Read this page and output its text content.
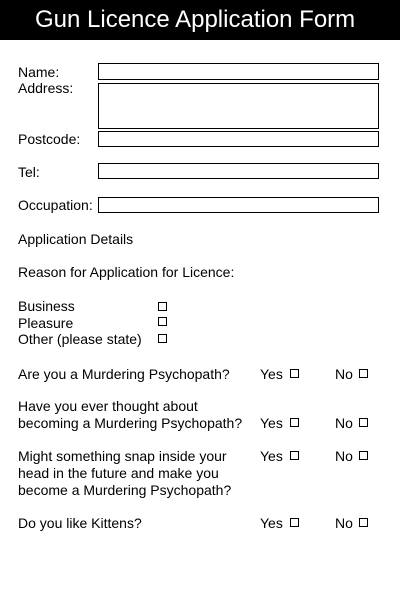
Gun Licence Application Form
Name:
Address:
Postcode:
Tel:
Occupation:
Application Details
Reason for Application for Licence:
Business
Pleasure
Other (please state)
Are you a Murdering Psychopath? Yes	No
Have you ever thought about
becoming a Murdering Psychopath? Yes	No
Might something snap inside your
head in the future and make you
become a Murdering Psychopath?
Yes	No
Do you like Kittens?	Yes	No
